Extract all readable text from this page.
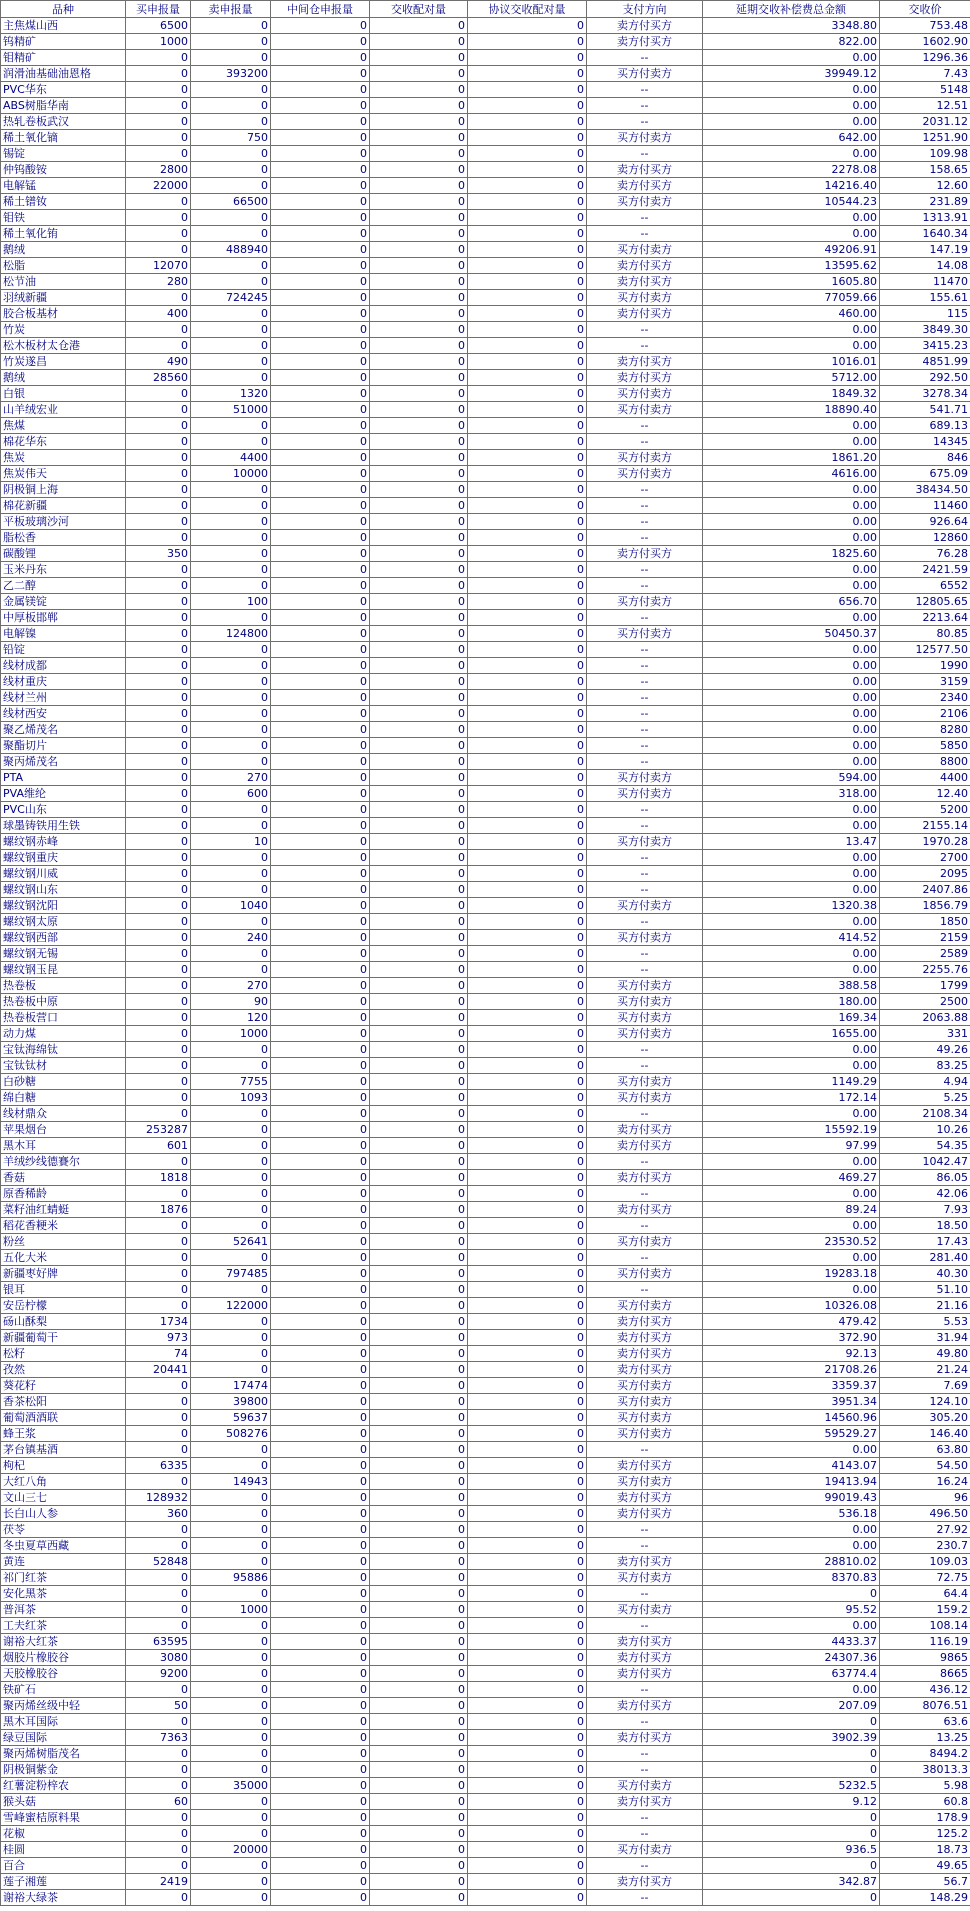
品种	买申报量	卖申报量	中间仓申报量	交收配对量	协议交收配对量	支付方向	延期交收补偿费总金额	交收价
主焦煤山西	6500	0	0	0	0	卖方付买方	3348.80	753.48
钨精矿	1000	0	0	0	0	卖方付买方	822.00	1602.90
钼精矿	0	0	0	0	0	--	0.00	1296.36
润滑油基础油恩格	0	393200	0	0	0	买方付卖方	39949.12	7.43
PVC华东	0	0	0	0	0	--	0.00	5148
ABS树脂华南	0	0	0	0	0	--	0.00	12.51
热轧卷板武汉	0	0	0	0	0	--	0.00	2031.12
稀土氧化镝	0	750	0	0	0	买方付卖方	642.00	1251.90
锡锭	0	0	0	0	0	--	0.00	109.98
仲钨酸铵	2800	0	0	0	0	卖方付买方	2278.08	158.65
电解锰	22000	0	0	0	0	卖方付买方	14216.40	12.60
稀土镨钕	0	66500	0	0	0	买方付卖方	10544.23	231.89
钼铁	0	0	0	0	0	--	0.00	1313.91
稀土氧化铕	0	0	0	0	0	--	0.00	1640.34
鹅绒	0	488940	0	0	0	买方付卖方	49206.91	147.19
松脂	12070	0	0	0	0	卖方付买方	13595.62	14.08
松节油	280	0	0	0	0	卖方付买方	1605.80	11470
羽绒新疆	0	724245	0	0	0	买方付卖方	77059.66	155.61
胶合板基材	400	0	0	0	0	卖方付买方	460.00	115
竹炭	0	0	0	0	0	--	0.00	3849.30
松木板材太仓港	0	0	0	0	0	--	0.00	3415.23
竹炭遂昌	490	0	0	0	0	卖方付买方	1016.01	4851.99
鹅绒	28560	0	0	0	0	卖方付买方	5712.00	292.50
白银	0	1320	0	0	0	买方付卖方	1849.32	3278.34
山羊绒宏业	0	51000	0	0	0	买方付卖方	18890.40	541.71
焦煤	0	0	0	0	0	--	0.00	689.13
棉花华东	0	0	0	0	0	--	0.00	14345
焦炭	0	4400	0	0	0	买方付卖方	1861.20	846
焦炭伟天	0	10000	0	0	0	买方付卖方	4616.00	675.09
阴极铜上海	0	0	0	0	0	--	0.00	38434.50
棉花新疆	0	0	0	0	0	--	0.00	11460
平板玻璃沙河	0	0	0	0	0	--	0.00	926.64
脂松香	0	0	0	0	0	--	0.00	12860
碳酸锂	350	0	0	0	0	卖方付买方	1825.60	76.28
玉米丹东	0	0	0	0	0	--	0.00	2421.59
乙二醇	0	0	0	0	0	--	0.00	6552
金属镁锭	0	100	0	0	0	买方付卖方	656.70	12805.65
中厚板邯郸	0	0	0	0	0	--	0.00	2213.64
电解镍	0	124800	0	0	0	买方付卖方	50450.37	80.85
铅锭	0	0	0	0	0	--	0.00	12577.50
线材成都	0	0	0	0	0	--	0.00	1990
线材重庆	0	0	0	0	0	--	0.00	3159
线材兰州	0	0	0	0	0	--	0.00	2340
线材西安	0	0	0	0	0	--	0.00	2106
聚乙烯茂名	0	0	0	0	0	--	0.00	8280
聚酯切片	0	0	0	0	0	--	0.00	5850
聚丙烯茂名	0	0	0	0	0	--	0.00	8800
PTA	0	270	0	0	0	买方付卖方	594.00	4400
PVA维纶	0	600	0	0	0	买方付卖方	318.00	12.40
PVC山东	0	0	0	0	0	--	0.00	5200
球墨铸铁用生铁	0	0	0	0	0	--	0.00	2155.14
螺纹钢赤峰	0	10	0	0	0	买方付卖方	13.47	1970.28
螺纹钢重庆	0	0	0	0	0	--	0.00	2700
螺纹钢川威	0	0	0	0	0	--	0.00	2095
螺纹钢山东	0	0	0	0	0	--	0.00	2407.86
螺纹钢沈阳	0	1040	0	0	0	买方付卖方	1320.38	1856.79
螺纹钢太原	0	0	0	0	0	--	0.00	1850
螺纹钢西部	0	240	0	0	0	买方付卖方	414.52	2159
螺纹钢无锡	0	0	0	0	0	--	0.00	2589
螺纹钢玉昆	0	0	0	0	0	--	0.00	2255.76
热卷板	0	270	0	0	0	买方付卖方	388.58	1799
热卷板中原	0	90	0	0	0	买方付卖方	180.00	2500
热卷板营口	0	120	0	0	0	买方付卖方	169.34	2063.88
动力煤	0	1000	0	0	0	买方付卖方	1655.00	331
宝钛海绵钛	0	0	0	0	0	--	0.00	49.26
宝钛钛材	0	0	0	0	0	--	0.00	83.25
白砂糖	0	7755	0	0	0	买方付卖方	1149.29	4.94
绵白糖	0	1093	0	0	0	买方付卖方	172.14	5.25
线材鼎众	0	0	0	0	0	--	0.00	2108.34
苹果烟台	253287	0	0	0	0	卖方付买方	15592.19	10.26
黑木耳	601	0	0	0	0	卖方付买方	97.99	54.35
羊绒纱线德賽尔	0	0	0	0	0	--	0.00	1042.47
香菇	1818	0	0	0	0	卖方付买方	469.27	86.05
原香稀龄	0	0	0	0	0	--	0.00	42.06
菜籽油红蜻蜓	1876	0	0	0	0	卖方付买方	89.24	7.93
稻花香粳米	0	0	0	0	0	--	0.00	18.50
粉丝	0	52641	0	0	0	买方付卖方	23530.52	17.43
五化大米	0	0	0	0	0	--	0.00	281.40
新疆枣好牌	0	797485	0	0	0	买方付卖方	19283.18	40.30
银耳	0	0	0	0	0	--	0.00	51.10
安岳柠檬	0	122000	0	0	0	买方付卖方	10326.08	21.16
砀山酥梨	1734	0	0	0	0	卖方付买方	479.42	5.53
新疆葡萄干	973	0	0	0	0	卖方付买方	372.90	31.94
松籽	74	0	0	0	0	卖方付买方	92.13	49.80
孜然	20441	0	0	0	0	卖方付买方	21708.26	21.24
葵花籽	0	17474	0	0	0	买方付卖方	3359.37	7.69
香茶松阳	0	39800	0	0	0	买方付卖方	3951.34	124.10
葡萄酒酒联	0	59637	0	0	0	买方付卖方	14560.96	305.20
蜂王浆	0	508276	0	0	0	买方付卖方	59529.27	146.40
茅台镇基酒	0	0	0	0	0	--	0.00	63.80
枸杞	6335	0	0	0	0	卖方付买方	4143.07	54.50
大红八角	0	14943	0	0	0	买方付卖方	19413.94	16.24
文山三七	128932	0	0	0	0	卖方付买方	99019.43	96
长白山人参	360	0	0	0	0	卖方付买方	536.18	496.50
茯苓	0	0	0	0	0	--	0.00	27.92
冬虫夏草西藏	0	0	0	0	0	--	0.00	230.7
黄连	52848	0	0	0	0	卖方付买方	28810.02	109.03
祁门红茶	0	95886	0	0	0	买方付卖方	8370.83	72.75
安化黑茶	0	0	0	0	0	--	0	64.4
普洱茶	0	1000	0	0	0	买方付卖方	95.52	159.2
工夫红茶	0	0	0	0	0	--	0.00	108.14
谢裕大红茶	63595	0	0	0	0	卖方付买方	4433.37	116.19
烟胶片橡胶谷	3080	0	0	0	0	卖方付买方	24307.36	9865
天胶橡胶谷	9200	0	0	0	0	卖方付买方	63774.4	8665
铁矿石	0	0	0	0	0	--	0.00	436.12
聚丙烯丝级中轻	50	0	0	0	0	卖方付买方	207.09	8076.51
黑木耳国际	0	0	0	0	0	--	0	63.6
绿豆国际	7363	0	0	0	0	卖方付买方	3902.39	13.25
聚丙烯树脂茂名	0	0	0	0	0	--	0	8494.2
阴极铜紫金	0	0	0	0	0	--	0	38013.3
红薯淀粉梓农	0	35000	0	0	0	买方付卖方	5232.5	5.98
猴头菇	60	0	0	0	0	卖方付买方	9.12	60.8
雪峰蜜桔原料果	0	0	0	0	0	--	0	178.9
花椒	0	0	0	0	0	--	0	125.2
桂圆	0	20000	0	0	0	买方付卖方	936.5	18.73
百合	0	0	0	0	0	--	0	49.65
莲子湘莲	2419	0	0	0	0	卖方付买方	342.87	56.7
谢裕大绿茶	0	0	0	0	0	--	0	148.29
